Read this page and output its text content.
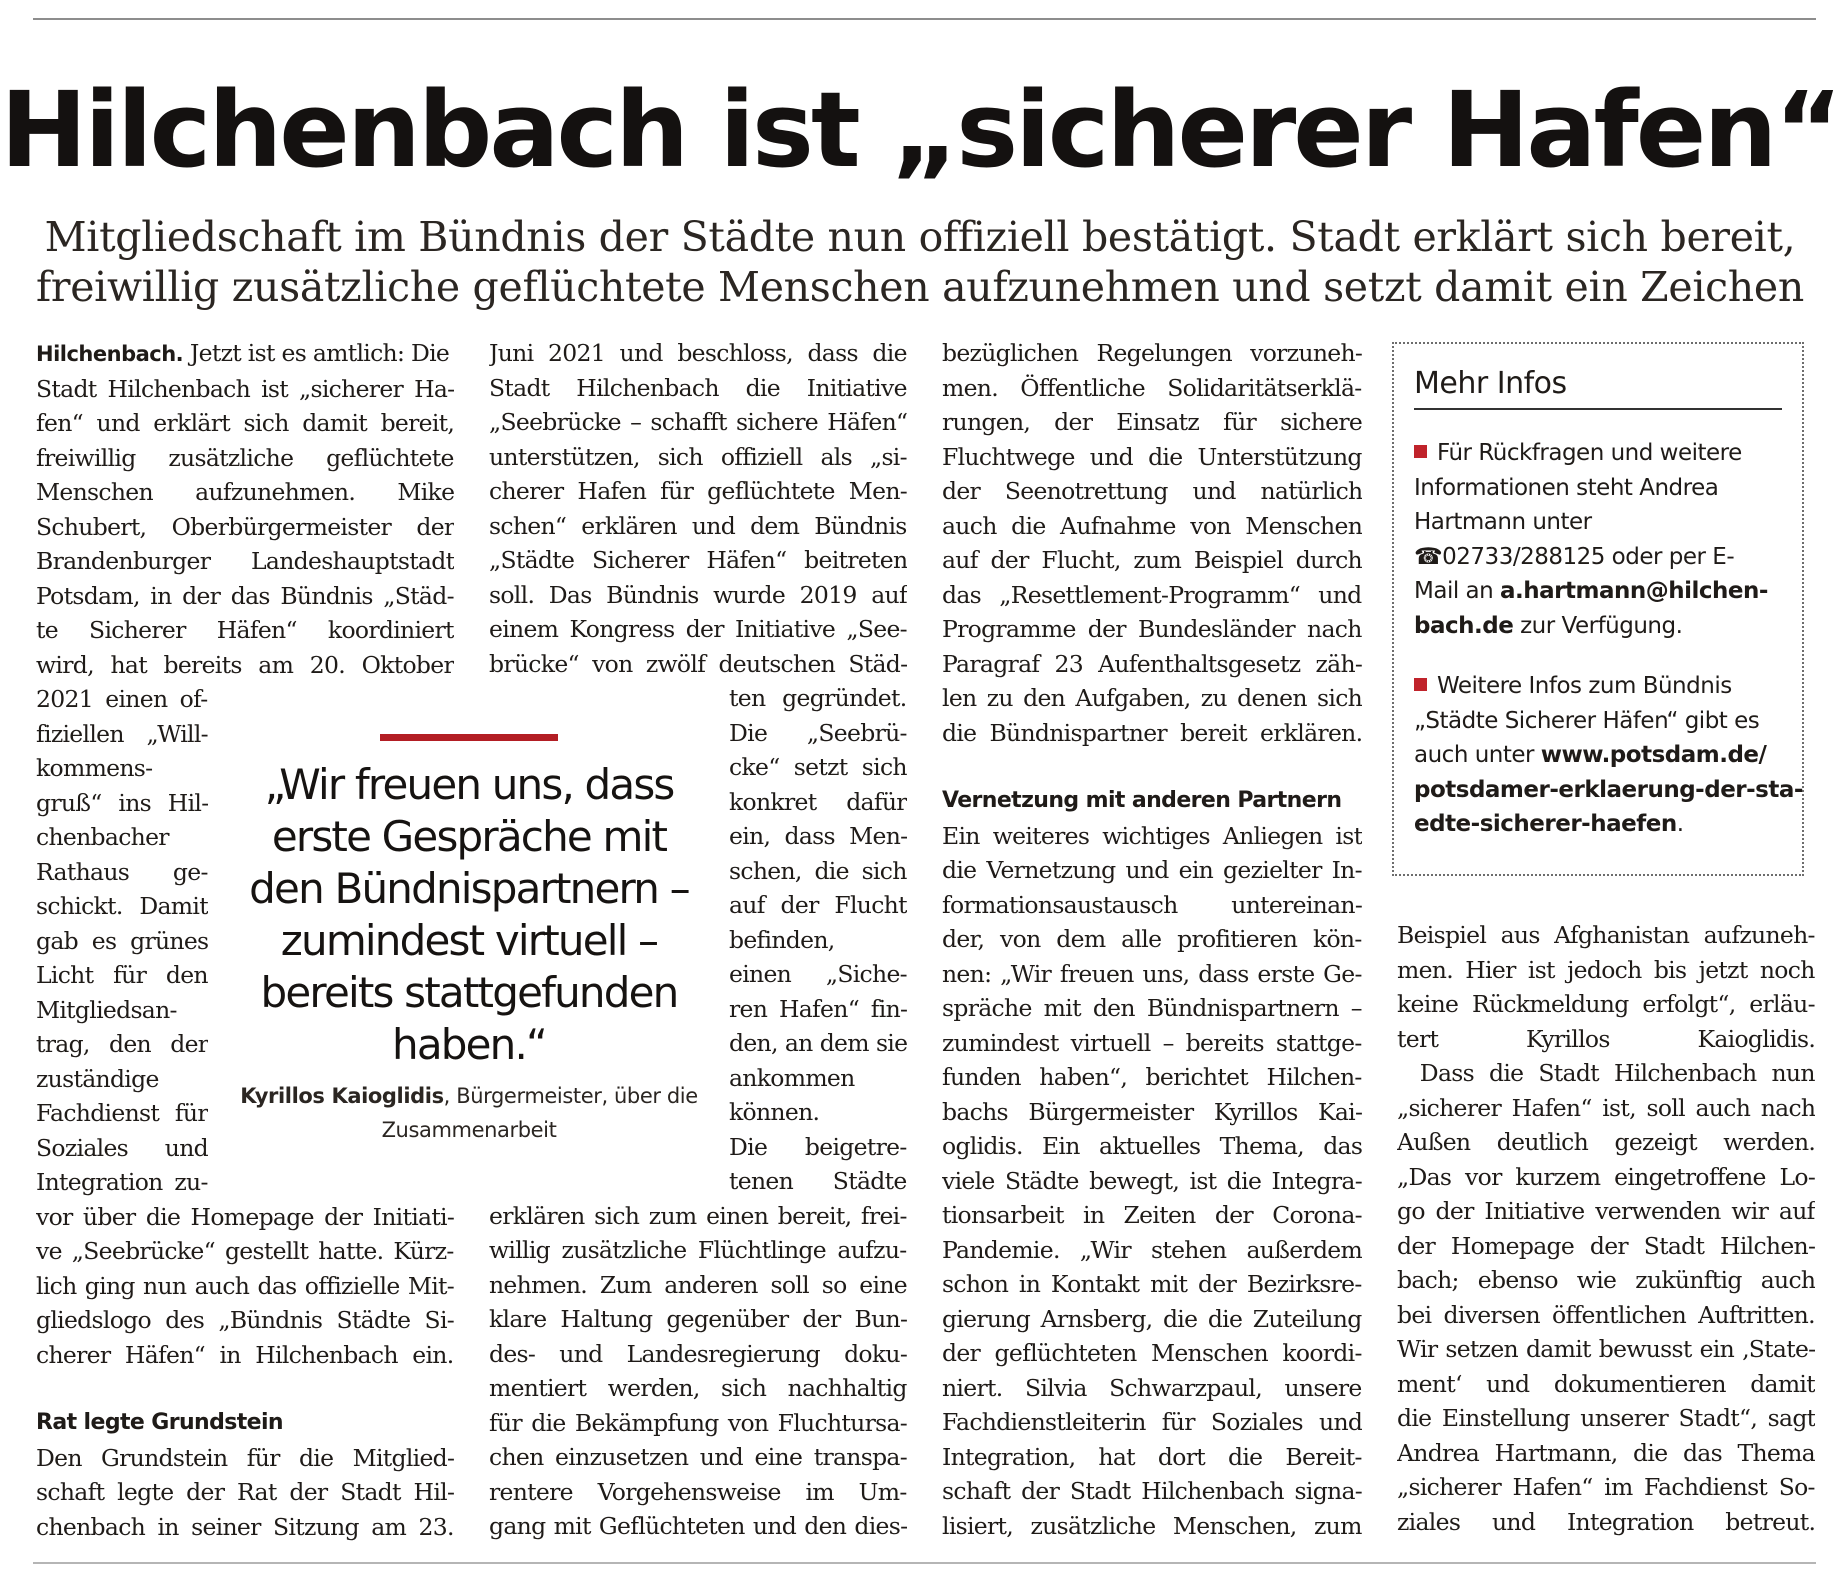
Hilchenbach ist „sicherer Hafen“
Mitgliedschaft im Bündnis der Städte nun offiziell bestätigt. Stadt erklärt sich bereit,
freiwillig zusätzliche geflüchtete Menschen aufzunehmen und setzt damit ein Zeichen
Hilchenbach. Jetzt ist es amtlich: Die
Stadt Hilchenbach ist „sicherer Ha-
fen“ und erklärt sich damit bereit,
freiwillig zusätzliche geflüchtete
Menschen aufzunehmen. Mike
Schubert, Oberbürgermeister der
Brandenburger Landeshauptstadt
Potsdam, in der das Bündnis „Städ-
te Sicherer Häfen“ koordiniert
wird, hat bereits am 20. Oktober
2021 einen of-
fiziellen „Will-
kommens-
gruß“ ins Hil-
chenbacher
Rathaus ge-
schickt. Damit
gab es grünes
Licht für den
Mitgliedsan-
trag, den der
zuständige
Fachdienst für
Soziales und
Integration zu-
vor über die Homepage der Initiati-
ve „Seebrücke“ gestellt hatte. Kürz-
lich ging nun auch das offizielle Mit-
gliedslogo des „Bündnis Städte Si-
cherer Häfen“ in Hilchenbach ein.

Rat legte Grundstein

Den Grundstein für die Mitglied-
schaft legte der Rat der Stadt Hil-
chenbach in seiner Sitzung am 23.
Juni 2021 und beschloss, dass die
Stadt Hilchenbach die Initiative
„Seebrücke – schafft sichere Häfen“
unterstützen, sich offiziell als „si-
cherer Hafen für geflüchtete Men-
schen“ erklären und dem Bündnis
„Städte Sicherer Häfen“ beitreten
soll. Das Bündnis wurde 2019 auf
einem Kongress der Initiative „See-
brücke“ von zwölf deutschen Städ-
ten gegründet.
Die „Seebrü-
cke“ setzt sich
konkret dafür
ein, dass Men-
schen, die sich
auf der Flucht
befinden,
einen „Siche-
ren Hafen“ fin-
den, an dem sie
ankommen
können.
Die beigetre-
tenen Städte
erklären sich zum einen bereit, frei-
willig zusätzliche Flüchtlinge aufzu-
nehmen. Zum anderen soll so eine
klare Haltung gegenüber der Bun-
des- und Landesregierung doku-
mentiert werden, sich nachhaltig
für die Bekämpfung von Fluchtursa-
chen einzusetzen und eine transpa-
rentere Vorgehensweise im Um-
gang mit Geflüchteten und den dies-

„Wir freuen uns, dass erste Gespräche mit den Bündnispartnern – zumindest virtuell – bereits stattgefunden haben.“

Kyrillos Kaioglidis, Bürgermeister, über die Zusammenarbeit

bezüglichen Regelungen vorzuneh-
men. Öffentliche Solidaritätserklä-
rungen, der Einsatz für sichere
Fluchtwege und die Unterstützung
der Seenotrettung und natürlich
auch die Aufnahme von Menschen
auf der Flucht, zum Beispiel durch
das „Resettlement-Programm“ und
Programme der Bundesländer nach
Paragraf 23 Aufenthaltsgesetz zäh-
len zu den Aufgaben, zu denen sich
die Bündnispartner bereit erklären.

Vernetzung mit anderen Partnern

Ein weiteres wichtiges Anliegen ist
die Vernetzung und ein gezielter In-
formationsaustausch untereinan-
der, von dem alle profitieren kön-
nen: „Wir freuen uns, dass erste Ge-
spräche mit den Bündnispartnern –
zumindest virtuell – bereits stattge-
funden haben“, berichtet Hilchen-
bachs Bürgermeister Kyrillos Kai-
oglidis. Ein aktuelles Thema, das
viele Städte bewegt, ist die Integra-
tionsarbeit in Zeiten der Corona-
Pandemie. „Wir stehen außerdem
schon in Kontakt mit der Bezirksre-
gierung Arnsberg, die die Zuteilung
der geflüchteten Menschen koordi-
niert. Silvia Schwarzpaul, unsere
Fachdienstleiterin für Soziales und
Integration, hat dort die Bereit-
schaft der Stadt Hilchenbach signa-
lisiert, zusätzliche Menschen, zum
Mehr Infos
Für Rückfragen und weitere
Informationen steht Andrea
Hartmann unter
☎02733/288125 oder per E-
Mail an a.hartmann@hilchen-
bach.de zur Verfügung.
Weitere Infos zum Bündnis
„Städte Sicherer Häfen“ gibt es
auch unter www.potsdam.de/
potsdamer-erklaerung-der-sta-
edte-sicherer-haefen.
Beispiel aus Afghanistan aufzuneh-
men. Hier ist jedoch bis jetzt noch
keine Rückmeldung erfolgt“, erläu-
tert Kyrillos Kaioglidis.
 Dass die Stadt Hilchenbach nun
„sicherer Hafen“ ist, soll auch nach
Außen deutlich gezeigt werden.
„Das vor kurzem eingetroffene Lo-
go der Initiative verwenden wir auf
der Homepage der Stadt Hilchen-
bach; ebenso wie zukünftig auch
bei diversen öffentlichen Auftritten.
Wir setzen damit bewusst ein ‚State-
ment‘ und dokumentieren damit
die Einstellung unserer Stadt“, sagt
Andrea Hartmann, die das Thema
„sicherer Hafen“ im Fachdienst So-
ziales und Integration betreut.
